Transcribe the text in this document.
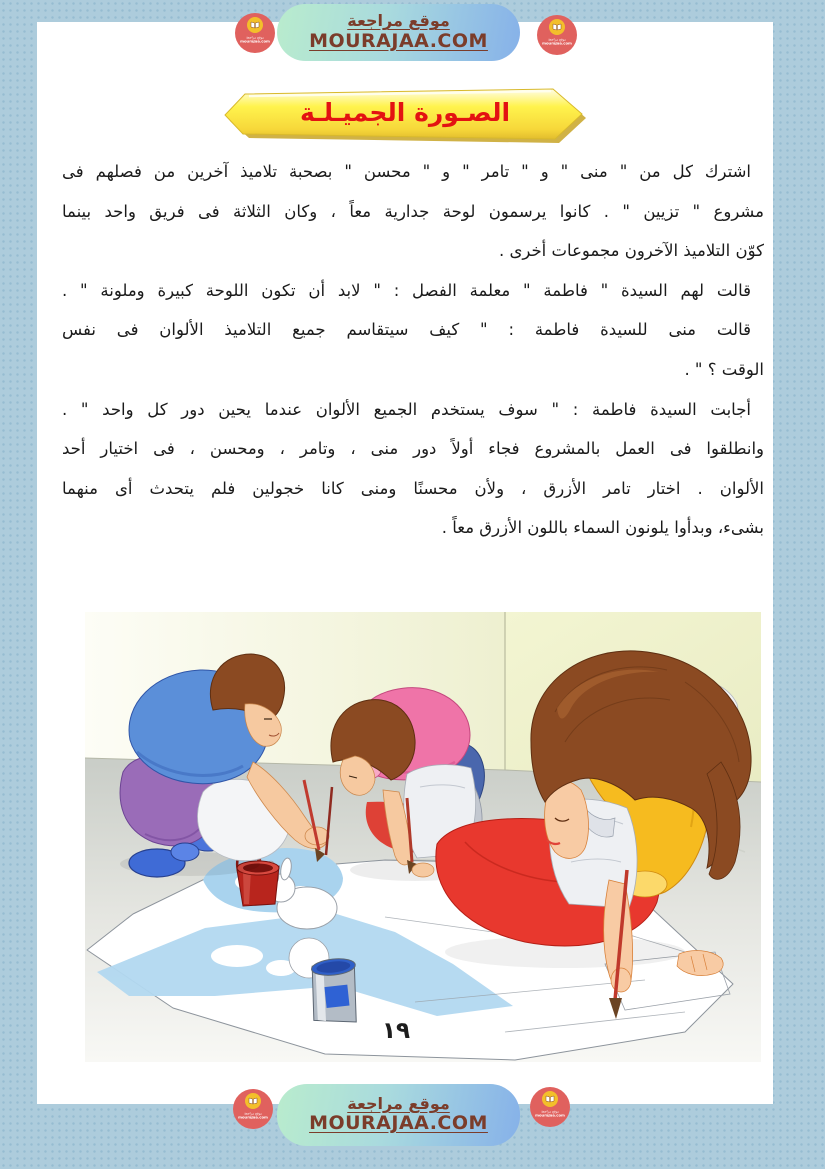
موقع مراجعة
MOURAJAA.COM
موقع مراجعة
mourajaa.com	موقع مراجعة
mourajaa.com
الصـورة الجميـلـة
اشترك كل من " منى " و " تامر " و " محسن " بصحبة تلاميذ آخرين من فصلهم فى
مشروع " تزيين " . كانوا يرسمون لوحة جدارية معاً ، وكان الثلاثة فى فريق واحد بينما
كوّن التلاميذ الآخرون مجموعات أخرى .
قالت لهم السيدة " فاطمة " معلمة الفصل : " لابد أن تكون اللوحة كبيرة وملونة " .
قالت منى للسيدة فاطمة : " كيف سيتقاسم جميع التلاميذ الألوان فى نفس
الوقت ؟ " .
أجابت السيدة فاطمة : " سوف يستخدم الجميع الألوان عندما يحين دور كل واحد " .
وانطلقوا فى العمل بالمشروع فجاء أولاً دور منى ، وتامر ، ومحسن ، فى اختيار أحد
الألوان . اختار تامر الأزرق ، ولأن محسنًا ومنى كانا خجولين فلم يتحدث أى منهما
بشىء، وبدأوا يلونون السماء باللون الأزرق معاً .
١٩
موقع مراجعة
MOURAJAA.COM
موقع مراجعة
mourajaa.com
موقع مراجعة
mourajaa.com
